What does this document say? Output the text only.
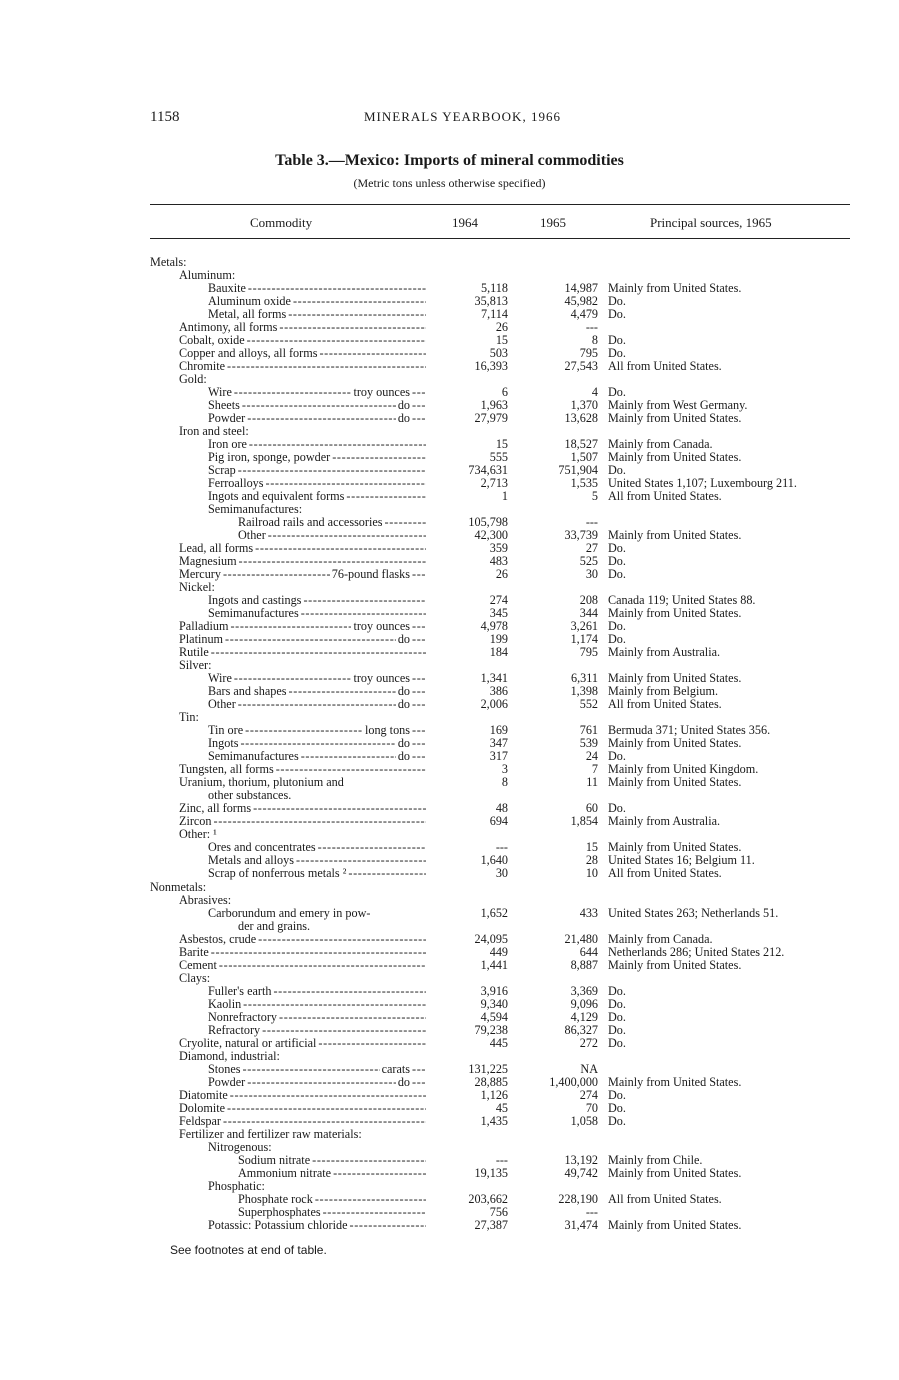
1158	MINERALS YEARBOOK, 1966
Table 3.—Mexico: Imports of mineral commodities
(Metric tons unless otherwise specified)
Commodity	1964	1965	Principal sources, 1965
Metals:
Aluminum:
Bauxite - - -	5,118	14,987 Mainly from United States.
Aluminum oxide - - -	35,813	45,982 Do.
Metal, all forms - - -	7,114	4,479 Do.
Antimony, all forms - - -	26	---
Cobalt, oxide - - -	15	8 Do.
Copper and alloys, all forms - - -	503	795 Do.
Chromite - - -	16,393	27,543 All from United States.
Gold:
Wire - - -	troy ounces - - -	6	4 Do.
Sheets - - -	do - - -	1,963	1,370 Mainly from West Germany.
Powder - - -	do - - -	27,979	13,628 Mainly from United States.
Iron and steel:
Iron ore - - -	15	18,527 Mainly from Canada.
Pig iron, sponge, powder - - -	555	1,507 Mainly from United States.
Scrap - - -	734,631	751,904 Do.
Ferroalloys - - -	2,713	1,535 United States 1,107; Luxembourg 211.
Ingots and equivalent forms - - -	1	5 All from United States.
Semimanufactures:
Railroad rails and accessories - - -	105,798	---
Other - - -	42,300	33,739 Mainly from United States.
Lead, all forms - - -	359	27 Do.
Magnesium - - -	483	525 Do.
Mercury - - -	76-pound flasks - - -	26	30 Do.
Nickel:
Ingots and castings - - -	274	208 Canada 119; United States 88.
Semimanufactures - - -	345	344 Mainly from United States.
Palladium - - -	troy ounces - - -	4,978	3,261 Do.
Platinum - - -	do - - -	199	1,174 Do.
Rutile - - -	184	795 Mainly from Australia.
Silver:
Wire - - -	troy ounces - - -	1,341	6,311 Mainly from United States.
Bars and shapes - - -	do - - -	386	1,398 Mainly from Belgium.
Other - - -	do - - -	2,006	552 All from United States.
Tin:
Tin ore - - -	long tons - - -	169	761 Bermuda 371; United States 356.
Ingots - - -	do - - -	347	539 Mainly from United States.
Semimanufactures - - -	do - - -	317	24 Do.
Tungsten, all forms - - -	3	7 Mainly from United Kingdom.
Uranium, thorium, plutonium and	8	11 Mainly from United States.
other substances.
Zinc, all forms - - -	48	60 Do.
Zircon - - -	694	1,854 Mainly from Australia.
Other: ¹
Ores and concentrates - - -	---	15 Mainly from United States.
Metals and alloys - - -	1,640	28 United States 16; Belgium 11.
Scrap of nonferrous metals ² - - -	30	10 All from United States.
Nonmetals:
Abrasives:
Carborundum and emery in pow-	1,652	433 United States 263; Netherlands 51.
der and grains.
Asbestos, crude - - -	24,095	21,480 Mainly from Canada.
Barite - - -	449	644 Netherlands 286; United States 212.
Cement - - -	1,441	8,887 Mainly from United States.
Clays:
Fuller's earth - - -	3,916	3,369 Do.
Kaolin - - -	9,340	9,096 Do.
Nonrefractory - - -	4,594	4,129 Do.
Refractory - - -	79,238	86,327 Do.
Cryolite, natural or artificial - - -	445	272 Do.
Diamond, industrial:
Stones - - -	carats - - -	131,225	NA
Powder - - -	do - - -	28,885	1,400,000 Mainly from United States.
Diatomite - - -	1,126	274 Do.
Dolomite - - -	45	70 Do.
Feldspar - - -	1,435	1,058 Do.
Fertilizer and fertilizer raw materials:
Nitrogenous:
Sodium nitrate - - -	---	13,192 Mainly from Chile.
Ammonium nitrate - - -	19,135	49,742 Mainly from United States.
Phosphatic:
Phosphate rock - - -	203,662	228,190 All from United States.
Superphosphates - - -	756	---
Potassic: Potassium chloride - - -	27,387	31,474 Mainly from United States.
See footnotes at end of table.
